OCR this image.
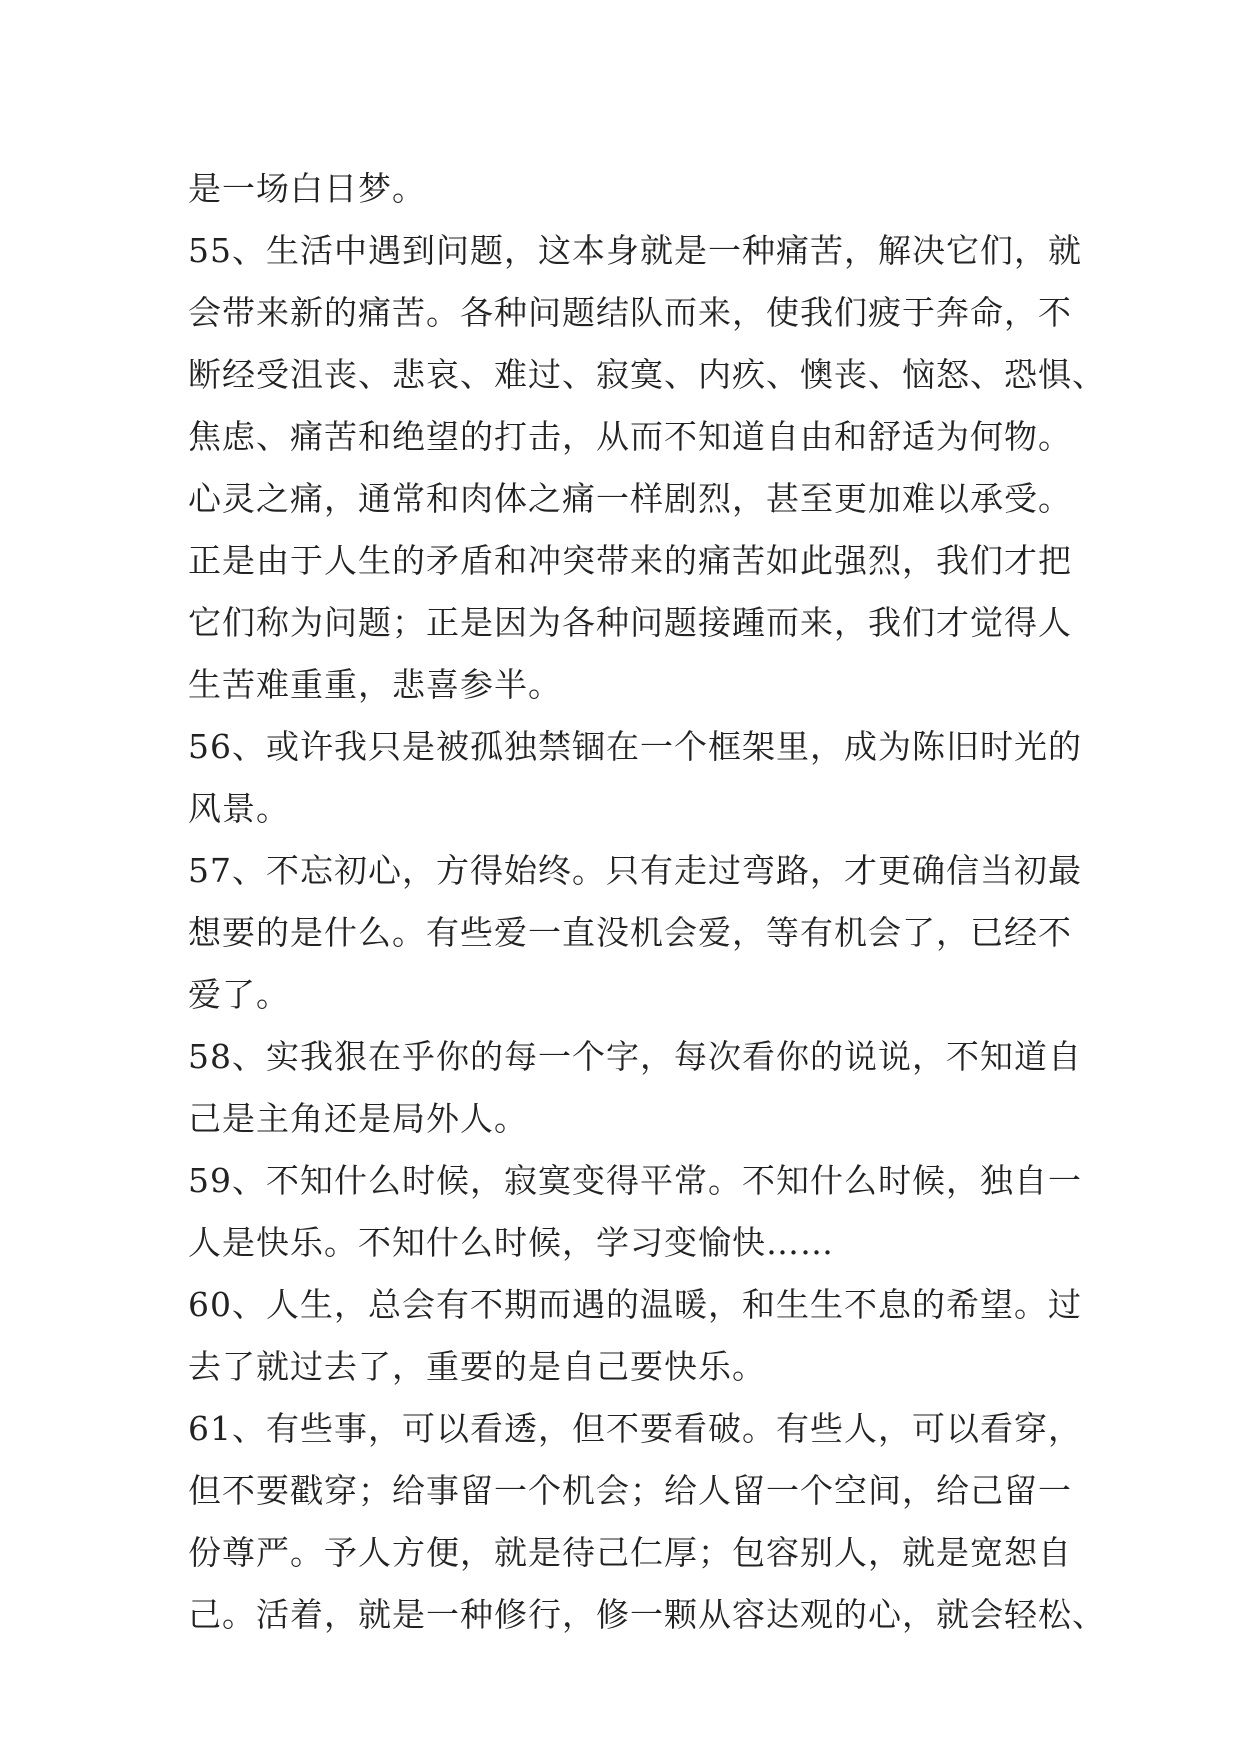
是一场白日梦。
55、生活中遇到问题，这本身就是一种痛苦，解决它们，就
会带来新的痛苦。各种问题结队而来，使我们疲于奔命，不
断经受沮丧、悲哀、难过、寂寞、内疚、懊丧、恼怒、恐惧、
焦虑、痛苦和绝望的打击，从而不知道自由和舒适为何物。
心灵之痛，通常和肉体之痛一样剧烈，甚至更加难以承受。
正是由于人生的矛盾和冲突带来的痛苦如此强烈，我们才把
它们称为问题；正是因为各种问题接踵而来，我们才觉得人
生苦难重重，悲喜参半。
56、或许我只是被孤独禁锢在一个框架里，成为陈旧时光的
风景。
57、不忘初心，方得始终。只有走过弯路，才更确信当初最
想要的是什么。有些爱一直没机会爱，等有机会了，已经不
爱了。
58、实我狠在乎你的每一个字，每次看你的说说，不知道自
己是主角还是局外人。
59、不知什么时候，寂寞变得平常。不知什么时候，独自一
人是快乐。不知什么时候，学习变愉快……
60、人生，总会有不期而遇的温暖，和生生不息的希望。过
去了就过去了，重要的是自己要快乐。
61、有些事，可以看透，但不要看破。有些人，可以看穿，
但不要戳穿；给事留一个机会；给人留一个空间，给己留一
份尊严。予人方便，就是待己仁厚；包容别人，就是宽恕自
己。活着，就是一种修行，修一颗从容达观的心，就会轻松、
